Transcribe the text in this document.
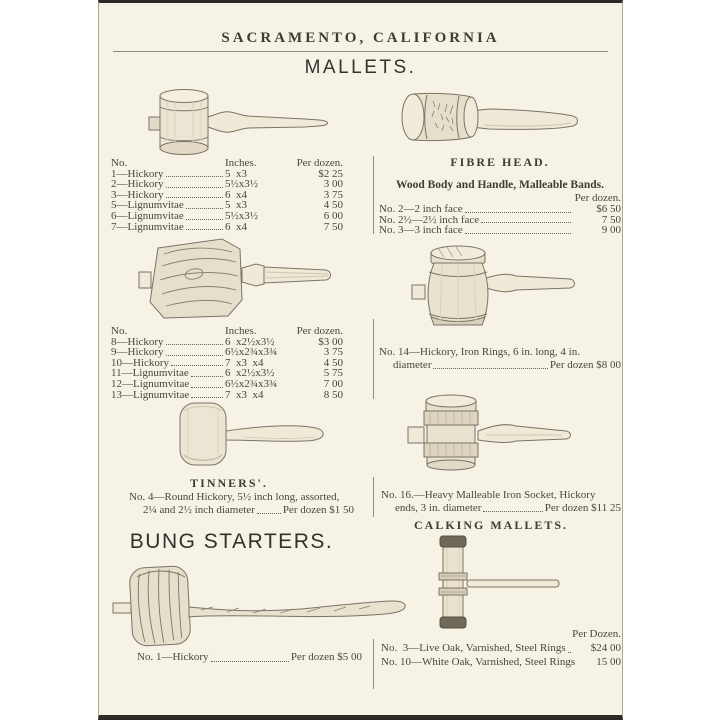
SACRAMENTO, CALIFORNIA
MALLETS.
No.	Inches.	Per dozen.
1—Hickory	5  x3	$2 25
2—Hickory	5½x3½	3 00
3—Hickory	6  x4	3 75
5—Lignumvitae	5  x3	4 50
6—Lignumvitae	5½x3½	6 00
7—Lignumvitae	6  x4	7 50
FIBRE HEAD.
Wood Body and Handle, Malleable Bands.
Per dozen.
No. 2—2 inch face	$6 50
No. 2½—2½ inch face	7 50
No. 3—3 inch face	9 00
No.	Inches.	Per dozen.
8—Hickory	6  x2½x3½	$3 00
9—Hickory	6½x2¾x3¾	3 75
10—Hickory	7  x3  x4	4 50
11—Lignumvitae	6  x2½x3½	5 75
12—Lignumvitae	6½x2¾x3¾	7 00
13—Lignumvitae	7  x3  x4	8 50
No. 14—Hickory, Iron Rings, 6 in. long, 4 in.
diameter	Per dozen $8 00
TINNERS'.
No. 4—Round Hickory, 5½ inch long, assorted,
2¼ and 2½ inch diameter	Per dozen $1 50
No. 16.—Heavy Malleable Iron Socket, Hickory
ends, 3 in. diameter	Per dozen $11 25
CALKING MALLETS.
BUNG STARTERS.
No. 1—Hickory	Per dozen $5 00
Per Dozen.
No.  3—Live Oak, Varnished, Steel Rings	$24 00
No. 10—White Oak, Varnished, Steel Rings	15 00
